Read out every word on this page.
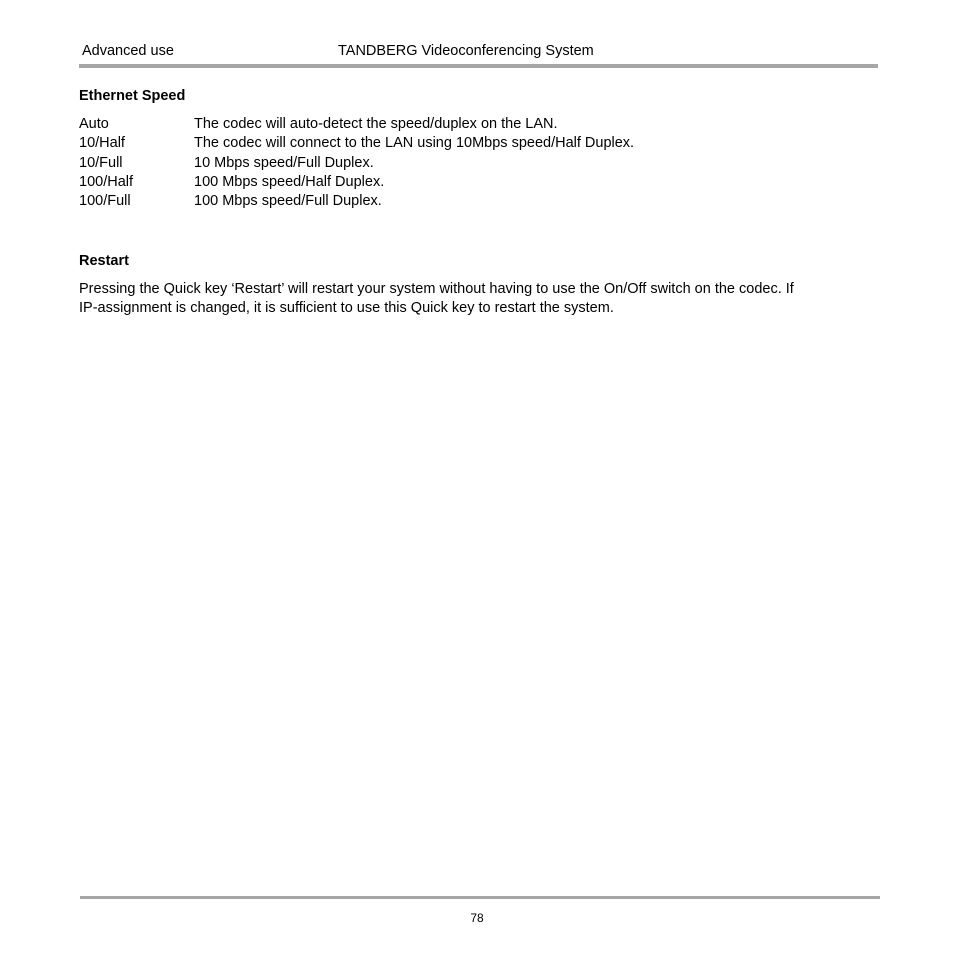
Advanced use	TANDBERG Videoconferencing System
Ethernet Speed
Auto	The codec will auto-detect the speed/duplex on the LAN.
10/Half	The codec will connect to the LAN using 10Mbps speed/Half Duplex.
10/Full	10 Mbps speed/Full Duplex.
100/Half	100 Mbps speed/Half Duplex.
100/Full	100 Mbps speed/Full Duplex.
Restart

Pressing the Quick key ‘Restart’ will restart your system without having to use the On/Off switch on the codec. If
IP-assignment is changed, it is sufficient to use this Quick key to restart the system.

78
